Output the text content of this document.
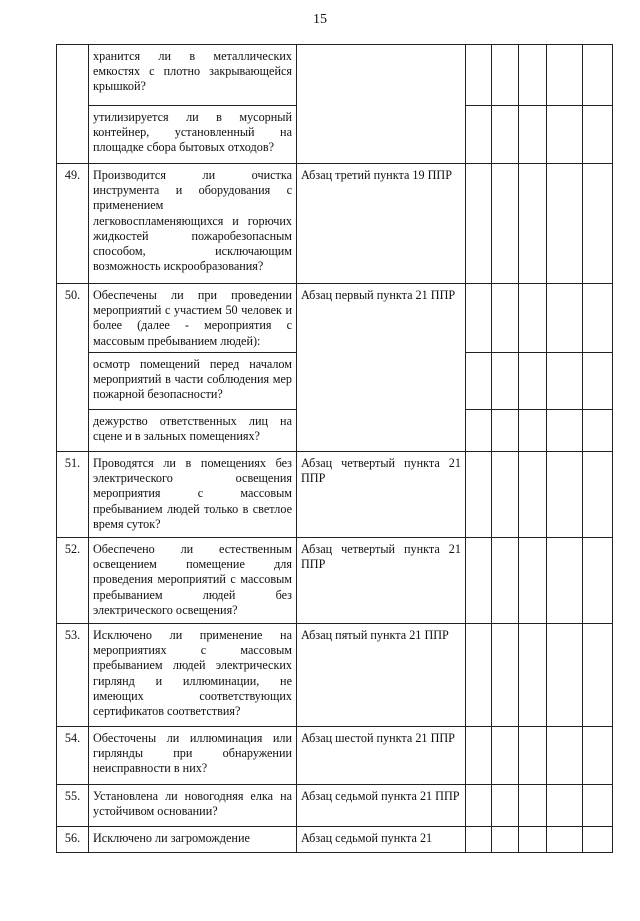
15
	хранится ли в металлических емкостях с плотно закрывающейся крышкой?						
	утилизируется ли в мусорный контейнер, установленный на площадке сбора бытовых отходов?						
49.	Производится ли очистка инструмента и оборудования с применением легковоспламеняющихся и горючих жидкостей пожаробезопасным способом, исключающим возможность искрообразования?	Абзац третий пункта 19 ППР					
50.	Обеспечены ли при проведении мероприятий с участием 50 человек и более (далее - мероприятия с массовым пребыванием людей):	Абзац первый пункта 21 ППР					
	осмотр помещений перед началом мероприятий в части соблюдения мер пожарной безопасности?						
	дежурство ответственных лиц на сцене и в зальных помещениях?						
51.	Проводятся ли в помещениях без электрического освещения мероприятия с массовым пребыванием людей только в светлое время суток?	Абзац четвертый пункта 21 ППР					
52.	Обеспечено ли естественным освещением помещение для проведения мероприятий с массовым пребыванием людей без электрического освещения?	Абзац четвертый пункта 21 ППР					
53.	Исключено ли применение на мероприятиях с массовым пребыванием людей электрических гирлянд и иллюминации, не имеющих соответствующих сертификатов соответствия?	Абзац пятый пункта 21 ППР					
54.	Обесточены ли иллюминация или гирлянды при обнаружении неисправности в них?	Абзац шестой пункта 21 ППР					
55.	Установлена ли новогодняя елка на устойчивом основании?	Абзац седьмой пункта 21 ППР					
56.	Исключено ли загромождение	Абзац седьмой пункта 21					
